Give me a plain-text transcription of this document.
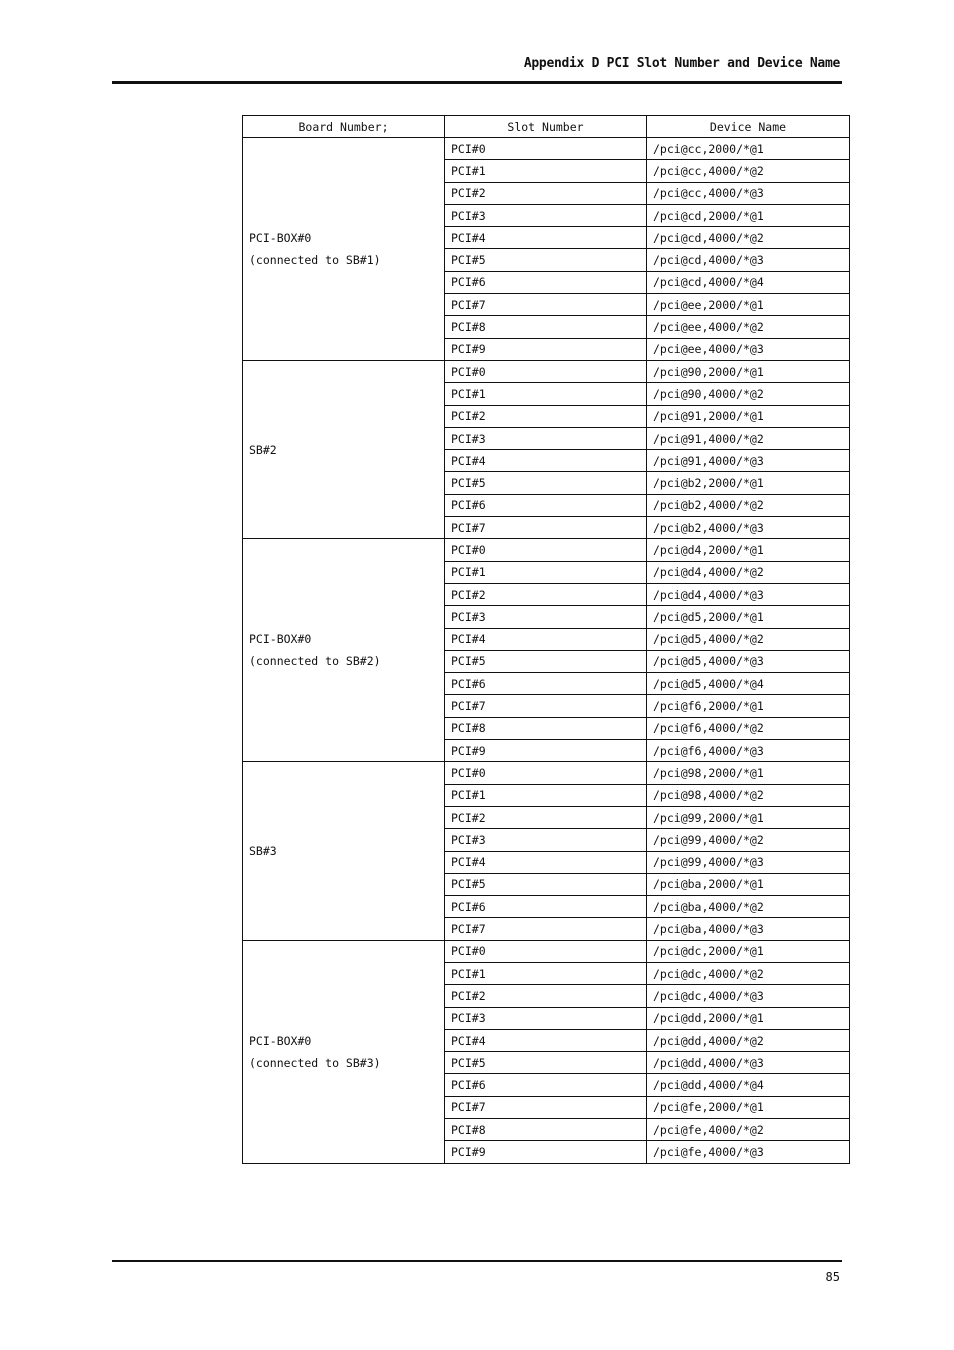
Appendix D PCI Slot Number and Device Name
Board Number;	Slot Number	Device Name
PCI-BOX#0
(connected to SB#1)	PCI#0	/pci@cc,2000/*@1
	PCI#1	/pci@cc,4000/*@2
	PCI#2	/pci@cc,4000/*@3
	PCI#3	/pci@cd,2000/*@1
	PCI#4	/pci@cd,4000/*@2
	PCI#5	/pci@cd,4000/*@3
	PCI#6	/pci@cd,4000/*@4
	PCI#7	/pci@ee,2000/*@1
	PCI#8	/pci@ee,4000/*@2
	PCI#9	/pci@ee,4000/*@3
SB#2	PCI#0	/pci@90,2000/*@1
	PCI#1	/pci@90,4000/*@2
	PCI#2	/pci@91,2000/*@1
	PCI#3	/pci@91,4000/*@2
	PCI#4	/pci@91,4000/*@3
	PCI#5	/pci@b2,2000/*@1
	PCI#6	/pci@b2,4000/*@2
	PCI#7	/pci@b2,4000/*@3
PCI-BOX#0
(connected to SB#2)	PCI#0	/pci@d4,2000/*@1
	PCI#1	/pci@d4,4000/*@2
	PCI#2	/pci@d4,4000/*@3
	PCI#3	/pci@d5,2000/*@1
	PCI#4	/pci@d5,4000/*@2
	PCI#5	/pci@d5,4000/*@3
	PCI#6	/pci@d5,4000/*@4
	PCI#7	/pci@f6,2000/*@1
	PCI#8	/pci@f6,4000/*@2
	PCI#9	/pci@f6,4000/*@3
SB#3	PCI#0	/pci@98,2000/*@1
	PCI#1	/pci@98,4000/*@2
	PCI#2	/pci@99,2000/*@1
	PCI#3	/pci@99,4000/*@2
	PCI#4	/pci@99,4000/*@3
	PCI#5	/pci@ba,2000/*@1
	PCI#6	/pci@ba,4000/*@2
	PCI#7	/pci@ba,4000/*@3
PCI-BOX#0
(connected to SB#3)	PCI#0	/pci@dc,2000/*@1
	PCI#1	/pci@dc,4000/*@2
	PCI#2	/pci@dc,4000/*@3
	PCI#3	/pci@dd,2000/*@1
	PCI#4	/pci@dd,4000/*@2
	PCI#5	/pci@dd,4000/*@3
	PCI#6	/pci@dd,4000/*@4
	PCI#7	/pci@fe,2000/*@1
	PCI#8	/pci@fe,4000/*@2
	PCI#9	/pci@fe,4000/*@3
85
